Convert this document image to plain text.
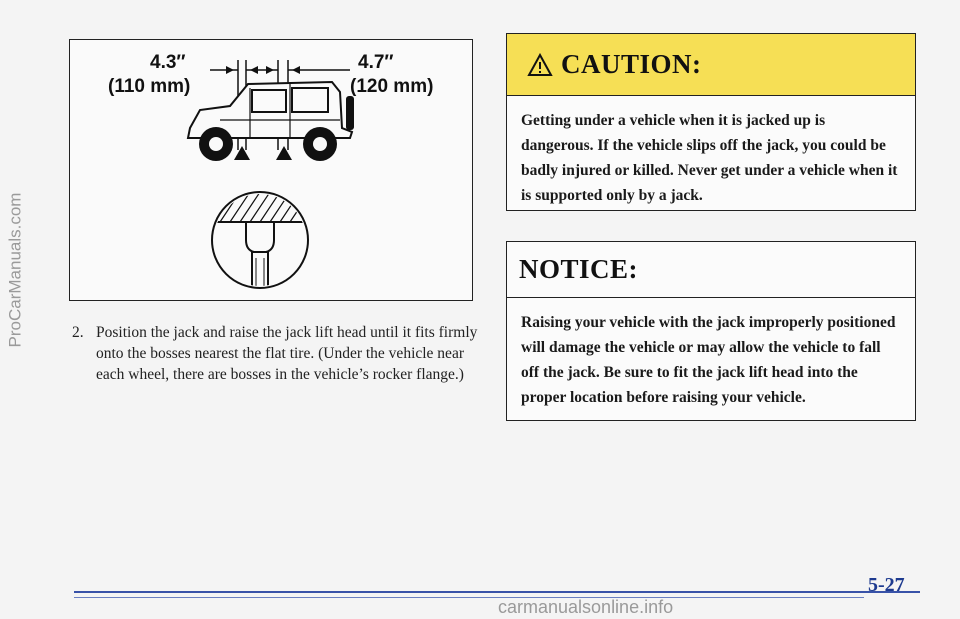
ProCarManuals.com
4.3″
(110 mm)
4.7″
(120 mm)
2. Position the jack and raise the jack lift head until it fits firmly onto the bosses nearest the flat tire. (Under the vehicle near each wheel, there are bosses in the vehicle’s rocker flange.)
CAUTION:
Getting under a vehicle when it is jacked up is dangerous. If the vehicle slips off the jack, you could be badly injured or killed. Never get under a vehicle when it is supported only by a jack.
NOTICE:
Raising your vehicle with the jack improperly positioned will damage the vehicle or may allow the vehicle to fall off the jack. Be sure to fit the jack lift head into the proper location before raising your vehicle.
5-27
carmanualsonline.info
